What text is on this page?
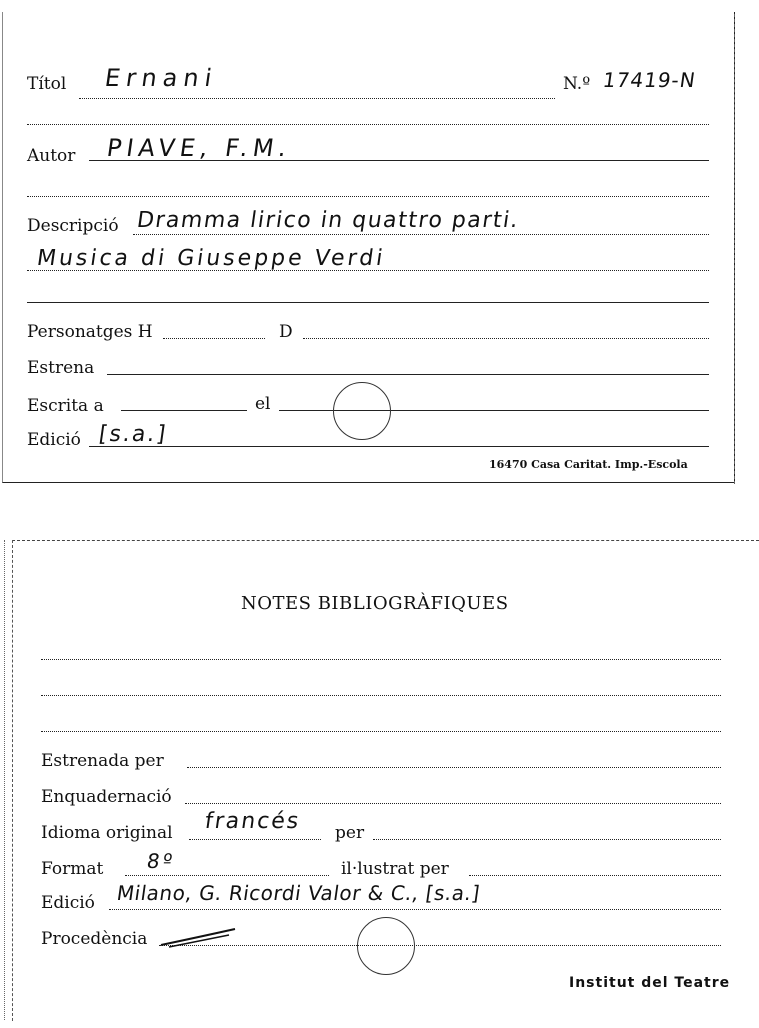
Títol Ernani	N.º 17419-N
Autor PIAVE, F.M.
Descripció Dramma lirico in quattro parti.
Musica di Giuseppe Verdi
Personatges H	D
Estrena
Escrita a	el
Edició [s.a.]
16470 Casa Caritat. Imp.-Escola
NOTES BIBLIOGRÀFIQUES
Estrenada per
Enquadernació
Idioma original francés per
Format 8º	il·lustrat per
Edició Milano, G. Ricordi Valor & C., [s.a.]
Procedència
Institut del Teatre
